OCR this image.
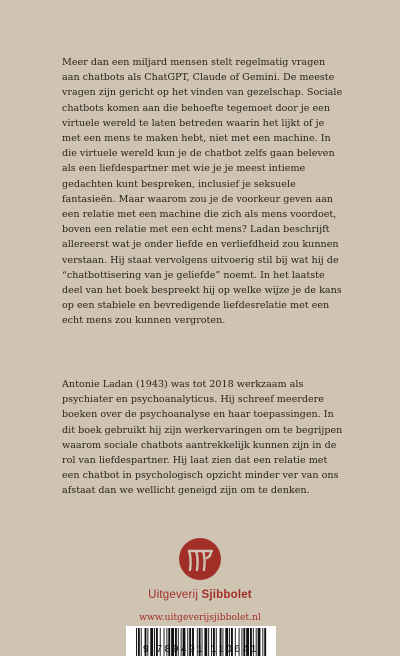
Meer dan een miljard mensen stelt regelmatig vragen aan chatbots als ChatGPT, Claude of Gemini. De meeste vragen zijn gericht op het vinden van gezelschap. Sociale chatbots komen aan die behoefte tegemoet door je een virtuele wereld te laten betreden waarin het lijkt of je met een mens te maken hebt, niet met een machine. In die virtuele wereld kun je de chatbot zelfs gaan beleven als een liefdespartner met wie je je meest intieme gedachten kunt bespreken, inclusief je seksuele fantasieën. Maar waarom zou je de voorkeur geven aan een relatie met een machine die zich als mens voordoet, boven een relatie met een echt mens? Ladan beschrijft allereerst wat je onder liefde en verliefdheid zou kunnen verstaan. Hij staat vervolgens uitvoerig stil bij wat hij de “chatbottisering van je geliefde” noemt. In het laatste deel van het boek bespreekt hij op welke wijze je de kans op een stabiele en bevredigende liefdesrelatie met een echt mens zou kunnen vergroten.

Antonie Ladan (1943) was tot 2018 werkzaam als psychiater en psychoanalyticus. Hij schreef meerdere boeken over de psychoanalyse en haar toepassingen. In dit boek gebruikt hij zijn werkervaringen om te begrijpen waarom sociale chatbots aantrekkelijk kunnen zijn in de rol van liefdespartner. Hij laat zien dat een relatie met een chatbot in psychologisch opzicht minder ver van ons afstaat dan we wellicht geneigd zijn om te denken.

Uitgeverij Sjibbolet
www.uitgeverijsjibbolet.nl
9 789491 110641
